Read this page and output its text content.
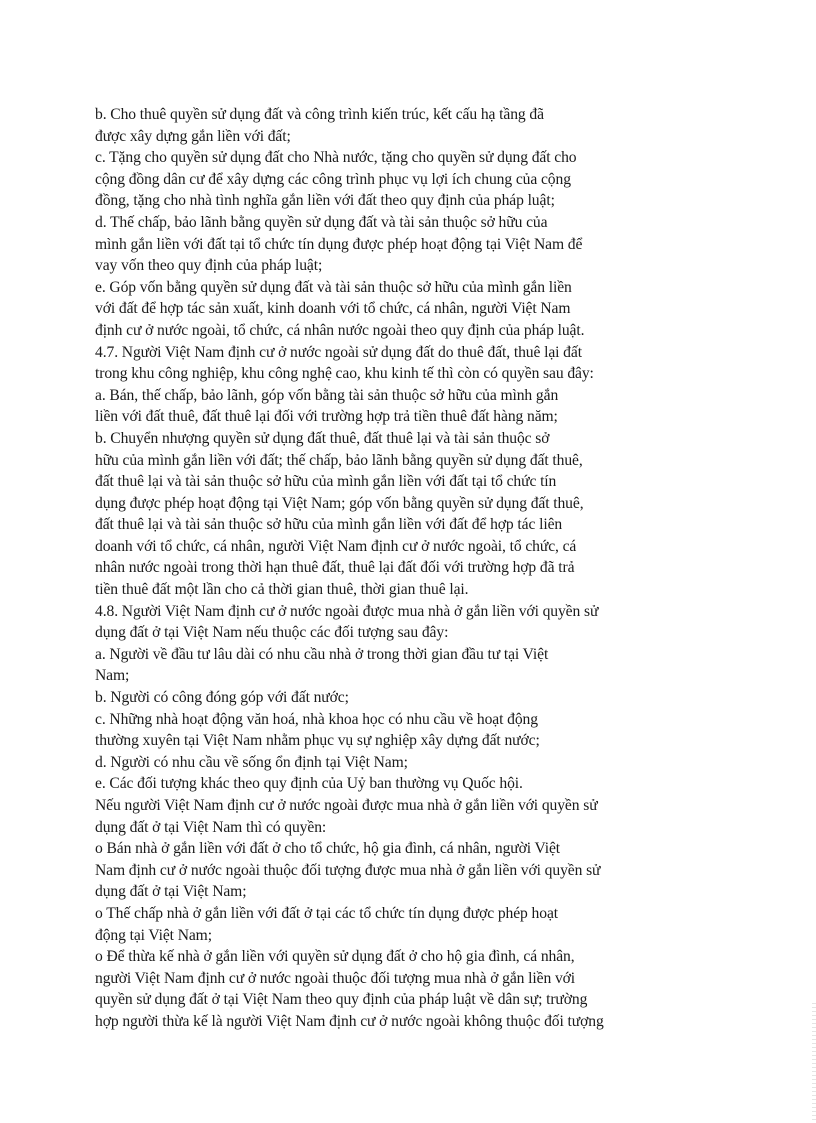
b. Cho thuê quyền sử dụng đất và công trình kiến trúc, kết cấu hạ tầng đã
được xây dựng gắn liền với đất;
c. Tặng cho quyền sử dụng đất cho Nhà nước, tặng cho quyền sử dụng đất cho
cộng đồng dân cư để xây dựng các công trình phục vụ lợi ích chung của cộng
đồng, tặng cho nhà tình nghĩa gắn liền với đất theo quy định của pháp luật;
d. Thế chấp, bảo lãnh bằng quyền sử dụng đất và tài sản thuộc sở hữu của
mình gắn liền với đất tại tổ chức tín dụng được phép hoạt động tại Việt Nam để
vay vốn theo quy định của pháp luật;
e. Góp vốn bằng quyền sử dụng đất và tài sản thuộc sở hữu của mình gắn liền
với đất để hợp tác sản xuất, kinh doanh với tổ chức, cá nhân, người Việt Nam
định cư ở nước ngoài, tổ chức, cá nhân nước ngoài theo quy định của pháp luật.
4.7. Người Việt Nam định cư ở nước ngoài sử dụng đất do thuê đất, thuê lại đất
trong khu công nghiệp, khu công nghệ cao, khu kinh tế thì còn có quyền sau đây:
a. Bán, thế chấp, bảo lãnh, góp vốn bằng tài sản thuộc sở hữu của mình gắn
liền với đất thuê, đất thuê lại đối với trường hợp trả tiền thuê đất hàng năm;
b. Chuyển nhượng quyền sử dụng đất thuê, đất thuê lại và tài sản thuộc sở
hữu của mình gắn liền với đất; thế chấp, bảo lãnh bằng quyền sử dụng đất thuê,
đất thuê lại và tài sản thuộc sở hữu của mình gắn liền với đất tại tổ chức tín
dụng được phép hoạt động tại Việt Nam; góp vốn bằng quyền sử dụng đất thuê,
đất thuê lại và tài sản thuộc sở hữu của mình gắn liền với đất để hợp tác liên
doanh với tổ chức, cá nhân, người Việt Nam định cư ở nước ngoài, tổ chức, cá
nhân nước ngoài trong thời hạn thuê đất, thuê lại đất đối với trường hợp đã trả
tiền thuê đất một lần cho cả thời gian thuê, thời gian thuê lại.
4.8. Người Việt Nam định cư ở nước ngoài được mua nhà ở gắn liền với quyền sử
dụng đất ở tại Việt Nam nếu thuộc các đối tượng sau đây:
a. Người về đầu tư lâu dài có nhu cầu nhà ở trong thời gian đầu tư tại Việt
Nam;
b. Người có công đóng góp với đất nước;
c. Những nhà hoạt động văn hoá, nhà khoa học có nhu cầu về hoạt động
thường xuyên tại Việt Nam nhằm phục vụ sự nghiệp xây dựng đất nước;
d. Người có nhu cầu về sống ổn định tại Việt Nam;
e. Các đối tượng khác theo quy định của Uỷ ban thường vụ Quốc hội.
Nếu người Việt Nam định cư ở nước ngoài được mua nhà ở gắn liền với quyền sử
dụng đất ở tại Việt Nam thì có quyền:
o Bán nhà ở gắn liền với đất ở cho tổ chức, hộ gia đình, cá nhân, người Việt
Nam định cư ở nước ngoài thuộc đối tượng được mua nhà ở gắn liền với quyền sử
dụng đất ở tại Việt Nam;
o Thế chấp nhà ở gắn liền với đất ở tại các tổ chức tín dụng được phép hoạt
động tại Việt Nam;
o Để thừa kế nhà ở gắn liền với quyền sử dụng đất ở cho hộ gia đình, cá nhân,
người Việt Nam định cư ở nước ngoài thuộc đối tượng mua nhà ở gắn liền với
quyền sử dụng đất ở tại Việt Nam theo quy định của pháp luật về dân sự; trường
hợp người thừa kế là người Việt Nam định cư ở nước ngoài không thuộc đối tượng
